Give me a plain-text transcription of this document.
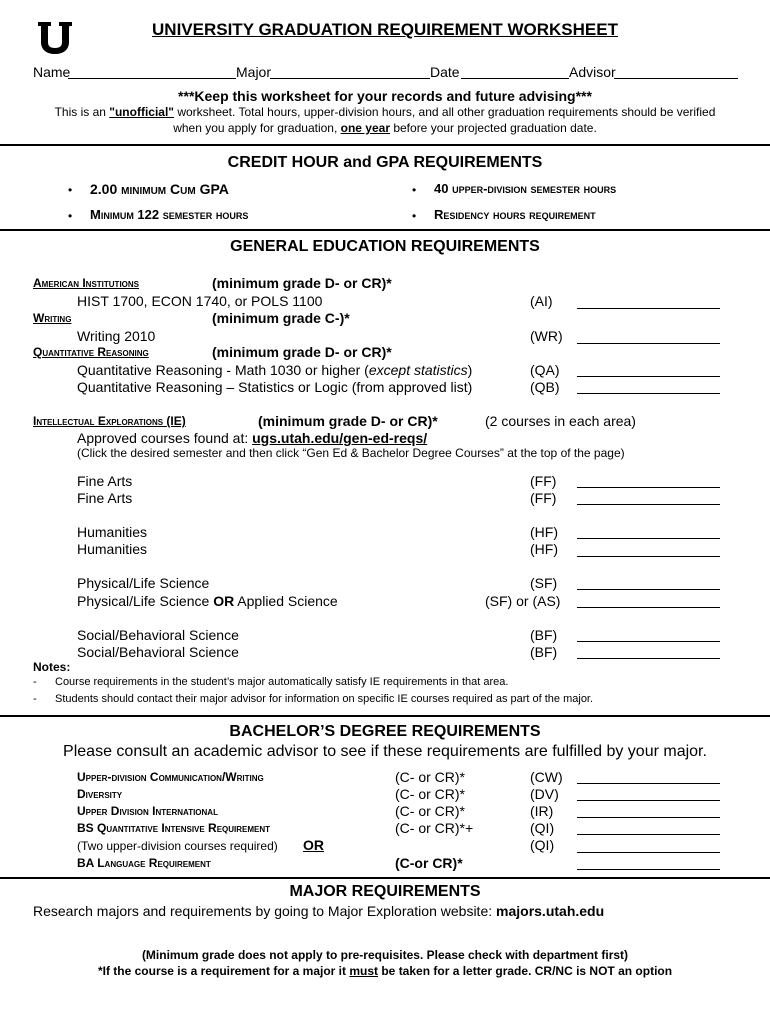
®	UNIVERSITY GRADUATION REQUIREMENT WORKSHEET
Name	Major	Date	Advisor
***Keep this worksheet for your records and future advising***
This is an "unofficial" worksheet. Total hours, upper-division hours, and all other graduation requirements should be verified
when you apply for graduation, one year before your projected graduation date.
CREDIT HOUR and GPA REQUIREMENTS
• 2.00 minimum Cum GPA
• Minimum 122 semester hours
• 40 upper-division semester hours
• Residency hours requirement
GENERAL EDUCATION REQUIREMENTS
American Institutions	(minimum grade D- or CR)*
HIST 1700, ECON 1740, or POLS 1100	(AI)
Writing	(minimum grade C-)*
Writing 2010	(WR)
Quantitative Reasoning	(minimum grade D- or CR)*
Quantitative Reasoning - Math 1030 or higher (except statistics)	(QA)
Quantitative Reasoning – Statistics or Logic (from approved list)	(QB)
Intellectual Explorations (IE)	(minimum grade D- or CR)*	(2 courses in each area)
Approved courses found at: ugs.utah.edu/gen-ed-reqs/
(Click the desired semester and then click “Gen Ed & Bachelor Degree Courses” at the top of the page)
Fine Arts	(FF)
Fine Arts	(FF)
Humanities	(HF)
Humanities	(HF)
Physical/Life Science	(SF)
Physical/Life Science OR Applied Science	(SF) or (AS)
Social/Behavioral Science	(BF)
Social/Behavioral Science	(BF)
Notes:
- Course requirements in the student’s major automatically satisfy IE requirements in that area.
- Students should contact their major advisor for information on specific IE courses required as part of the major.
BACHELOR’S DEGREE REQUIREMENTS
Please consult an academic advisor to see if these requirements are fulfilled by your major.
Upper-division Communication/Writing	(C- or CR)*	(CW)
Diversity	(C- or CR)*	(DV)
Upper Division International	(C- or CR)*	(IR)
BS Quantitative Intensive Requirement	(C- or CR)*+	(QI)
(Two upper-division courses required) OR	(QI)
BA Language Requirement	(C-or CR)*
MAJOR REQUIREMENTS
Research majors and requirements by going to Major Exploration website: majors.utah.edu
(Minimum grade does not apply to pre-requisites. Please check with department first)
*If the course is a requirement for a major it must be taken for a letter grade. CR/NC is NOT an option
